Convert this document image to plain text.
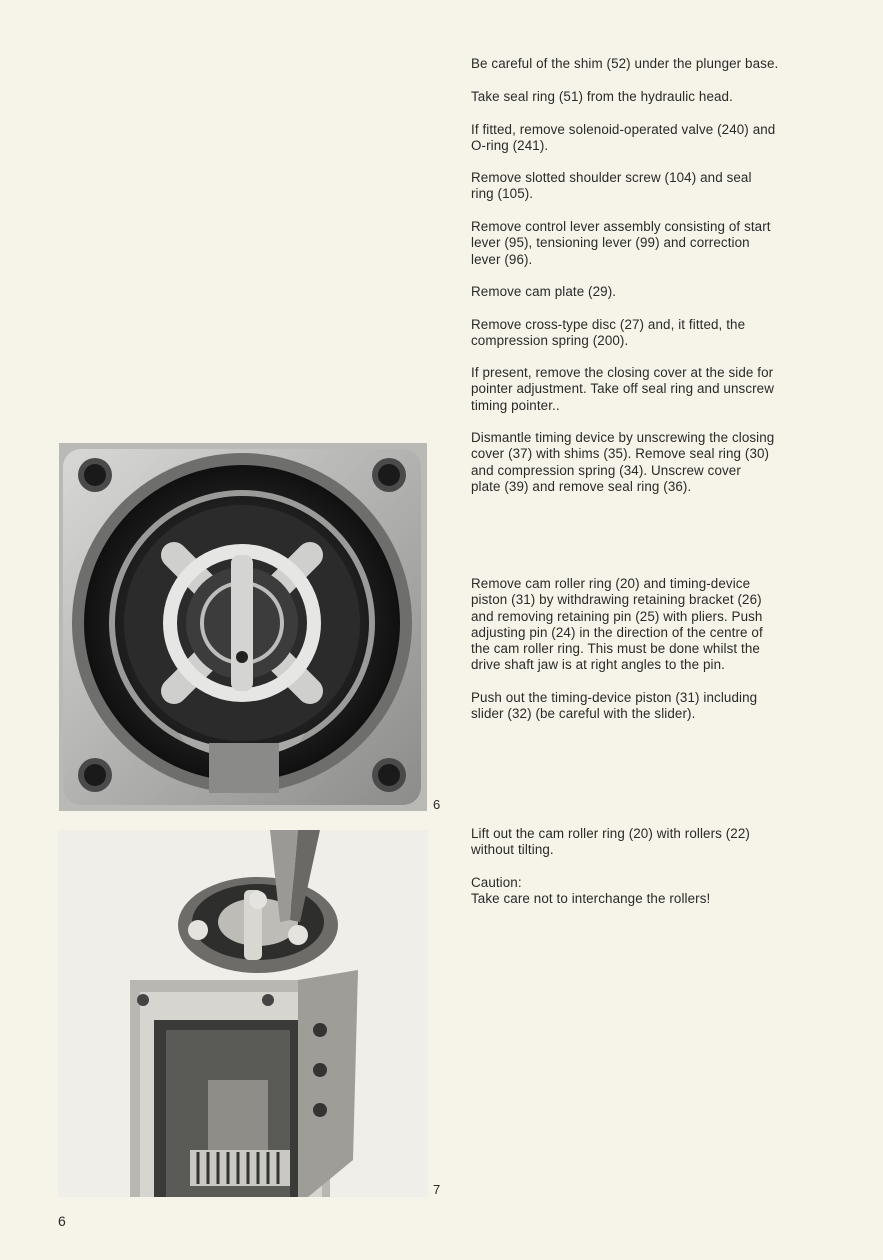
6
7

Be careful of the shim (52) under the plunger base.

Take seal ring (51) from the hydraulic head.

If fitted, remove solenoid-operated valve (240) and
O-ring (241).

Remove slotted shoulder screw (104) and seal
ring (105).

Remove control lever assembly consisting of start
lever (95), tensioning lever (99) and correction
lever (96).

Remove cam plate (29).

Remove cross-type disc (27) and, it fitted, the
compression spring (200).

If present, remove the closing cover at the side for
pointer adjustment. Take off seal ring and unscrew
timing pointer..

Dismantle timing device by unscrewing the closing
cover (37) with shims (35). Remove seal ring (30)
and compression spring (34). Unscrew cover
plate (39) and remove seal ring (36).

Remove cam roller ring (20) and timing-device
piston (31) by withdrawing retaining bracket (26)
and removing retaining pin (25) with pliers. Push
adjusting pin (24) in the direction of the centre of
the cam roller ring. This must be done whilst the
drive shaft jaw is at right angles to the pin.

Push out the timing-device piston (31) including
slider (32) (be careful with the slider).

Lift out the cam roller ring (20) with rollers (22)
without tilting.

Caution:
Take care not to interchange the rollers!

6
